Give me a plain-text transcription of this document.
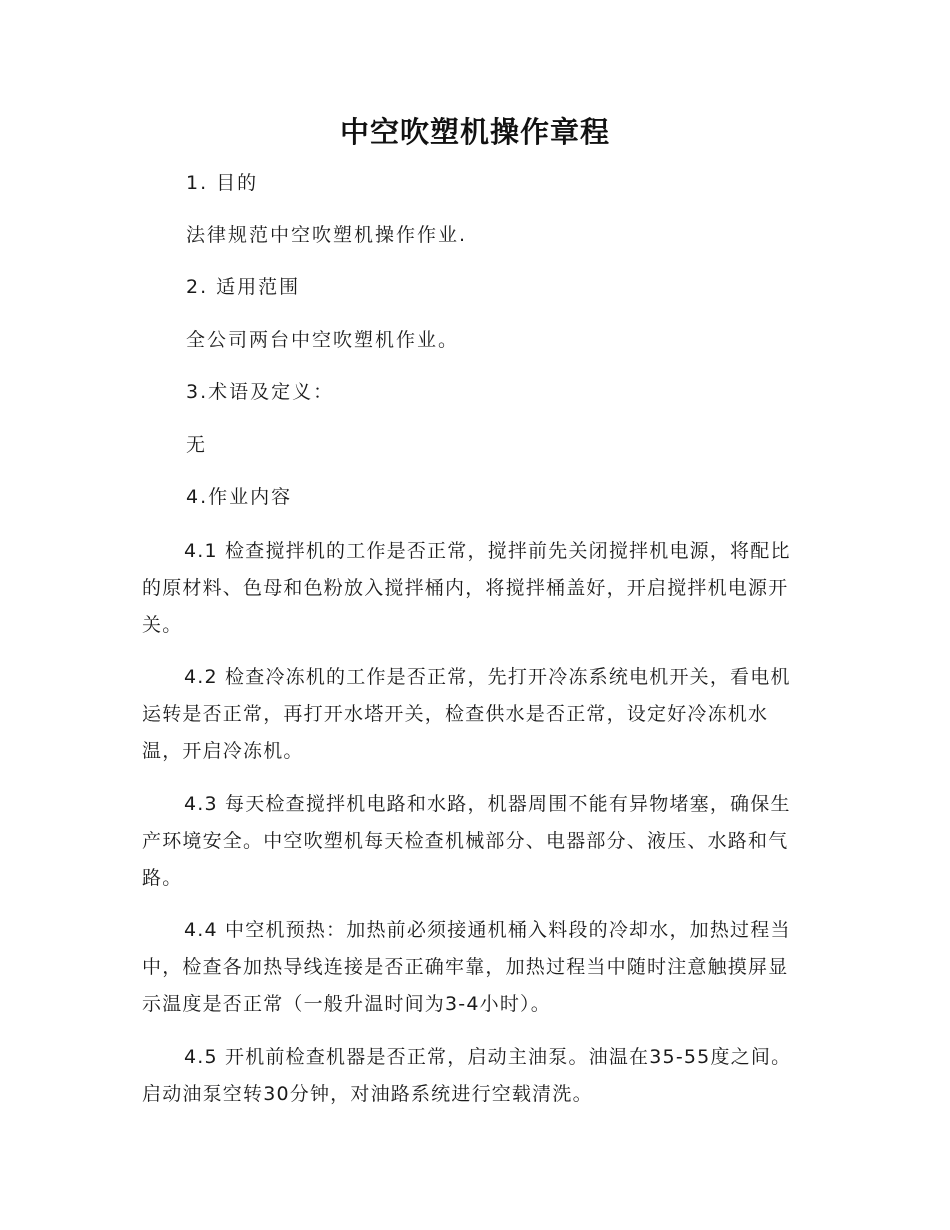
中空吹塑机操作章程

1. 目的

法律规范中空吹塑机操作作业.

2. 适用范围

全公司两台中空吹塑机作业。

3.术语及定义：

无

4.作业内容

4.1 检查搅拌机的工作是否正常，搅拌前先关闭搅拌机电源，将配比的原材料、色母和色粉放入搅拌桶内，将搅拌桶盖好，开启搅拌机电源开关。

4.2 检查冷冻机的工作是否正常，先打开冷冻系统电机开关，看电机运转是否正常，再打开水塔开关，检查供水是否正常，设定好冷冻机水温，开启冷冻机。

4.3 每天检查搅拌机电路和水路，机器周围不能有异物堵塞，确保生产环境安全。中空吹塑机每天检查机械部分、电器部分、液压、水路和气路。

4.4 中空机预热：加热前必须接通机桶入料段的冷却水，加热过程当中，检查各加热导线连接是否正确牢靠，加热过程当中随时注意触摸屏显示温度是否正常（一般升温时间为3-4小时）。

4.5 开机前检查机器是否正常，启动主油泵。油温在35-55度之间。启动油泵空转30分钟，对油路系统进行空载清洗。
